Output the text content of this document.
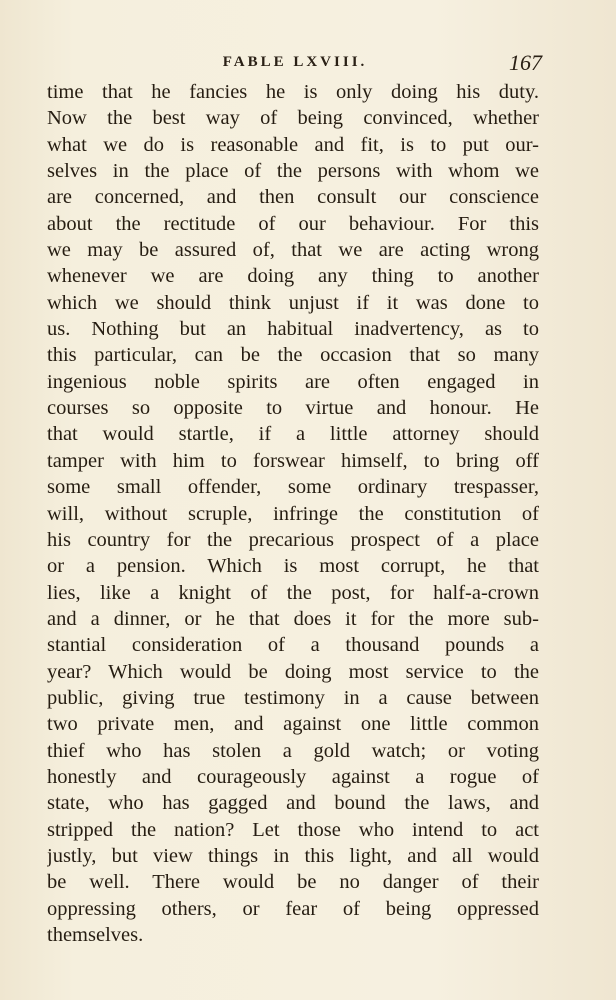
FABLE LXVIII.	167
time that he fancies he is only doing his duty.
Now the best way of being convinced, whether
what we do is reasonable and fit, is to put our-
selves in the place of the persons with whom we
are concerned, and then consult our conscience
about the rectitude of our behaviour. For this
we may be assured of, that we are acting wrong
whenever we are doing any thing to another
which we should think unjust if it was done to
us. Nothing but an habitual inadvertency, as to
this particular, can be the occasion that so many
ingenious noble spirits are often engaged in
courses so opposite to virtue and honour. He
that would startle, if a little attorney should
tamper with him to forswear himself, to bring off
some small offender, some ordinary trespasser,
will, without scruple, infringe the constitution of
his country for the precarious prospect of a place
or a pension. Which is most corrupt, he that
lies, like a knight of the post, for half-a-crown
and a dinner, or he that does it for the more sub-
stantial consideration of a thousand pounds a
year? Which would be doing most service to the
public, giving true testimony in a cause between
two private men, and against one little common
thief who has stolen a gold watch; or voting
honestly and courageously against a rogue of
state, who has gagged and bound the laws, and
stripped the nation? Let those who intend to act
justly, but view things in this light, and all would
be well. There would be no danger of their
oppressing others, or fear of being oppressed
themselves.
